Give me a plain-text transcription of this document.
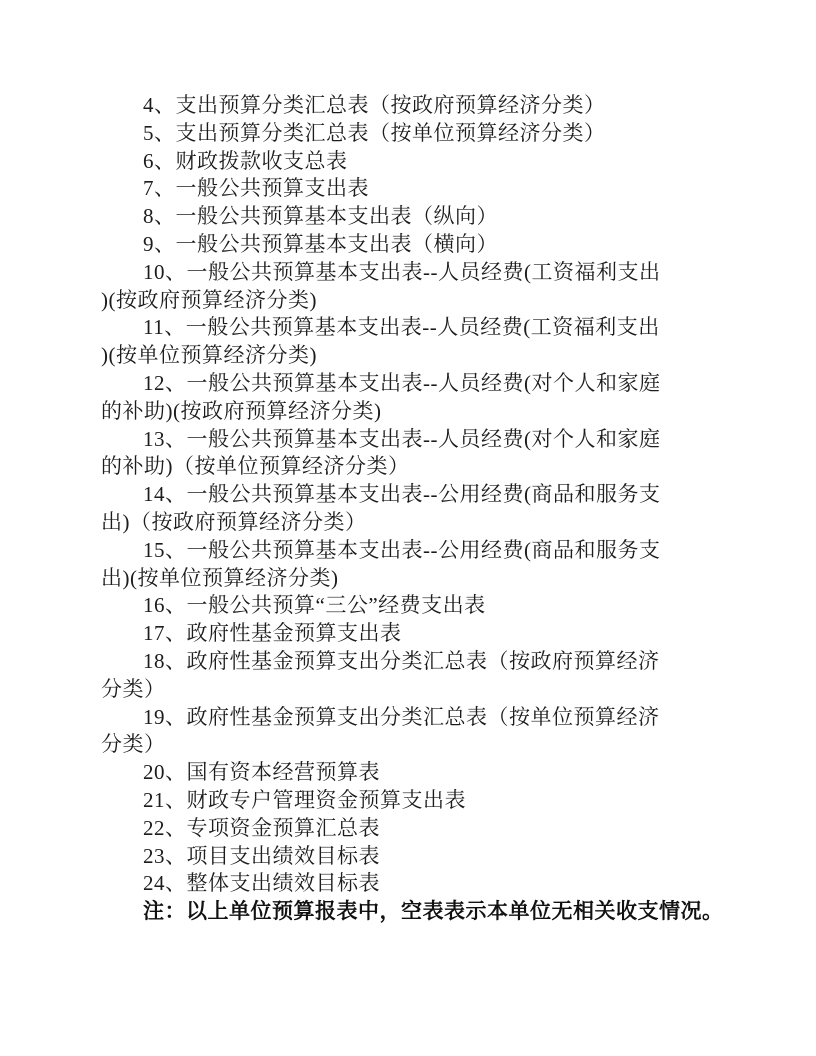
4、支出预算分类汇总表（按政府预算经济分类）
5、支出预算分类汇总表（按单位预算经济分类）
6、财政拨款收支总表
7、一般公共预算支出表
8、一般公共预算基本支出表（纵向）
9、一般公共预算基本支出表（横向）
10、一般公共预算基本支出表--人员经费(工资福利支出
)(按政府预算经济分类)
11、一般公共预算基本支出表--人员经费(工资福利支出
)(按单位预算经济分类)
12、一般公共预算基本支出表--人员经费(对个人和家庭
的补助)(按政府预算经济分类)
13、一般公共预算基本支出表--人员经费(对个人和家庭
的补助)（按单位预算经济分类）
14、一般公共预算基本支出表--公用经费(商品和服务支
出)（按政府预算经济分类）
15、一般公共预算基本支出表--公用经费(商品和服务支
出)(按单位预算经济分类)
16、一般公共预算“三公”经费支出表
17、政府性基金预算支出表
18、政府性基金预算支出分类汇总表（按政府预算经济
分类）
19、政府性基金预算支出分类汇总表（按单位预算经济
分类）
20、国有资本经营预算表
21、财政专户管理资金预算支出表
22、专项资金预算汇总表
23、项目支出绩效目标表
24、整体支出绩效目标表
注：以上单位预算报表中，空表表示本单位无相关收支情况。
